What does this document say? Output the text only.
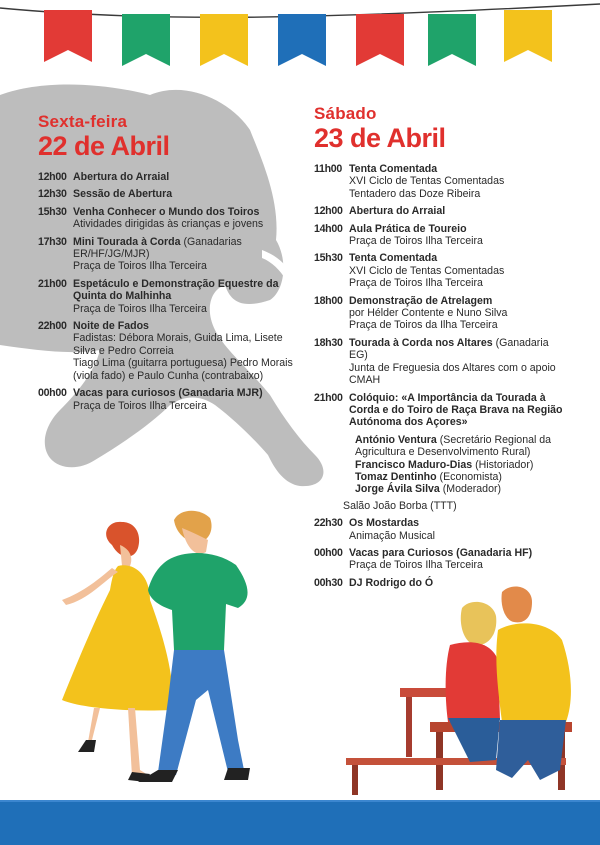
Sexta-feira
22 de Abril
Sábado
23 de Abril
12h00 Abertura do Arraial
12h30 Sessão de Abertura
15h30 Venha Conhecer o Mundo dos Toiros
Atividades dirigidas às crianças e jovens
17h30 Mini Tourada à Corda (Ganadarias ER/HF/JG/MJR)
Praça de Toiros Ilha Terceira
21h00 Espetáculo e Demonstração Equestre da Quinta do Malhinha
Praça de Toiros Ilha Terceira
22h00 Noite de Fados
Fadistas: Débora Morais, Guida Lima, Lisete Silva e Pedro Correia
Tiago Lima (guitarra portuguesa) Pedro Morais (viola fado) e Paulo Cunha (contrabaixo)
00h00 Vacas para curiosos (Ganadaria MJR)
Praça de Toiros Ilha Terceira
11h00 Tenta Comentada
XVI Ciclo de Tentas Comentadas
Tentadero das Doze Ribeira
12h00 Abertura do Arraial
14h00 Aula Prática de Toureio
Praça de Toiros Ilha Terceira
15h30 Tenta Comentada
XVI Ciclo de Tentas Comentadas
Praça de Toiros Ilha Terceira
18h00 Demonstração de Atrelagem
por Hélder Contente e Nuno Silva
Praça de Toiros da Ilha Terceira
18h30 Tourada à Corda nos Altares (Ganadaria EG)
Junta de Freguesia dos Altares com o apoio CMAH
21h00 Colóquio: «A Importância da Tourada à Corda e do Toiro de Raça Brava na Região Autónoma dos Açores»
António Ventura (Secretário Regional da Agricultura e Desenvolvimento Rural)
Francisco Maduro-Dias (Historiador)
Tomaz Dentinho (Economista)
Jorge Ávila Silva (Moderador)
Salão João Borba (TTT)
22h30 Os Mostardas
Animação Musical
00h00 Vacas para Curiosos (Ganadaria HF)
Praça de Toiros Ilha Terceira
00h30 DJ Rodrigo do Ó
